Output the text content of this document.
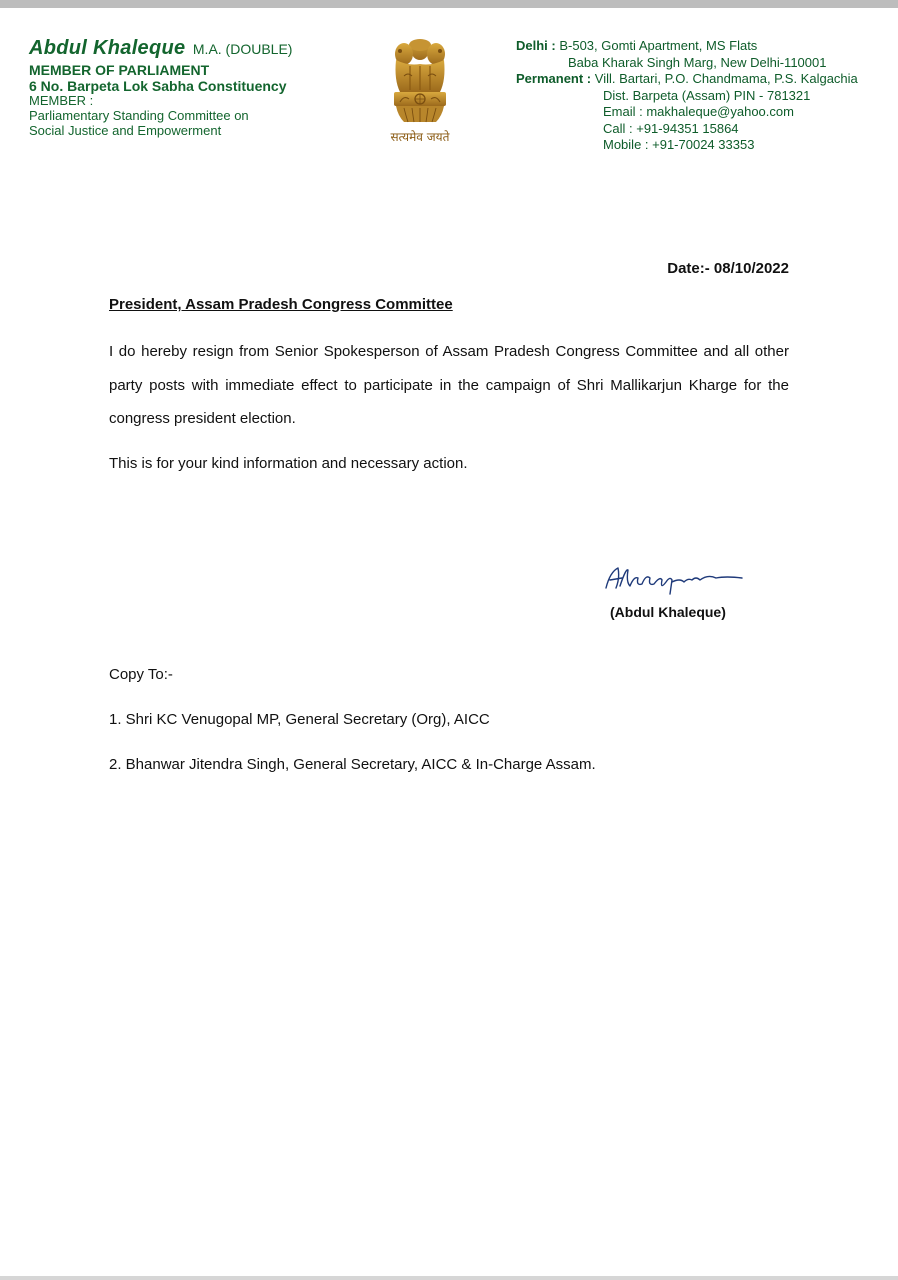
Abdul Khaleque M.A. (DOUBLE)
MEMBER OF PARLIAMENT
6 No. Barpeta Lok Sabha Constituency
MEMBER :
Parliamentary Standing Committee on
Social Justice and Empowerment	सत्यमेव जयते
Delhi : B-503, Gomti Apartment, MS Flats
Baba Kharak Singh Marg, New Delhi-110001
Permanent : Vill. Bartari, P.O. Chandmama, P.S. Kalgachia
Dist. Barpeta (Assam) PIN - 781321
Email : makhaleque@yahoo.com
Call : +91-94351 15864
Mobile : +91-70024 33353
Date:- 08/10/2022
President, Assam Pradesh Congress Committee
I do hereby resign from Senior Spokesperson of Assam Pradesh Congress Committee and all other party posts with immediate effect to participate in the campaign of Shri Mallikarjun Kharge for the congress president election.
This is for your kind information and necessary action.
(Abdul Khaleque)
Copy To:-
1. Shri KC Venugopal MP, General Secretary (Org), AICC
2. Bhanwar Jitendra Singh, General Secretary, AICC & In-Charge Assam.
